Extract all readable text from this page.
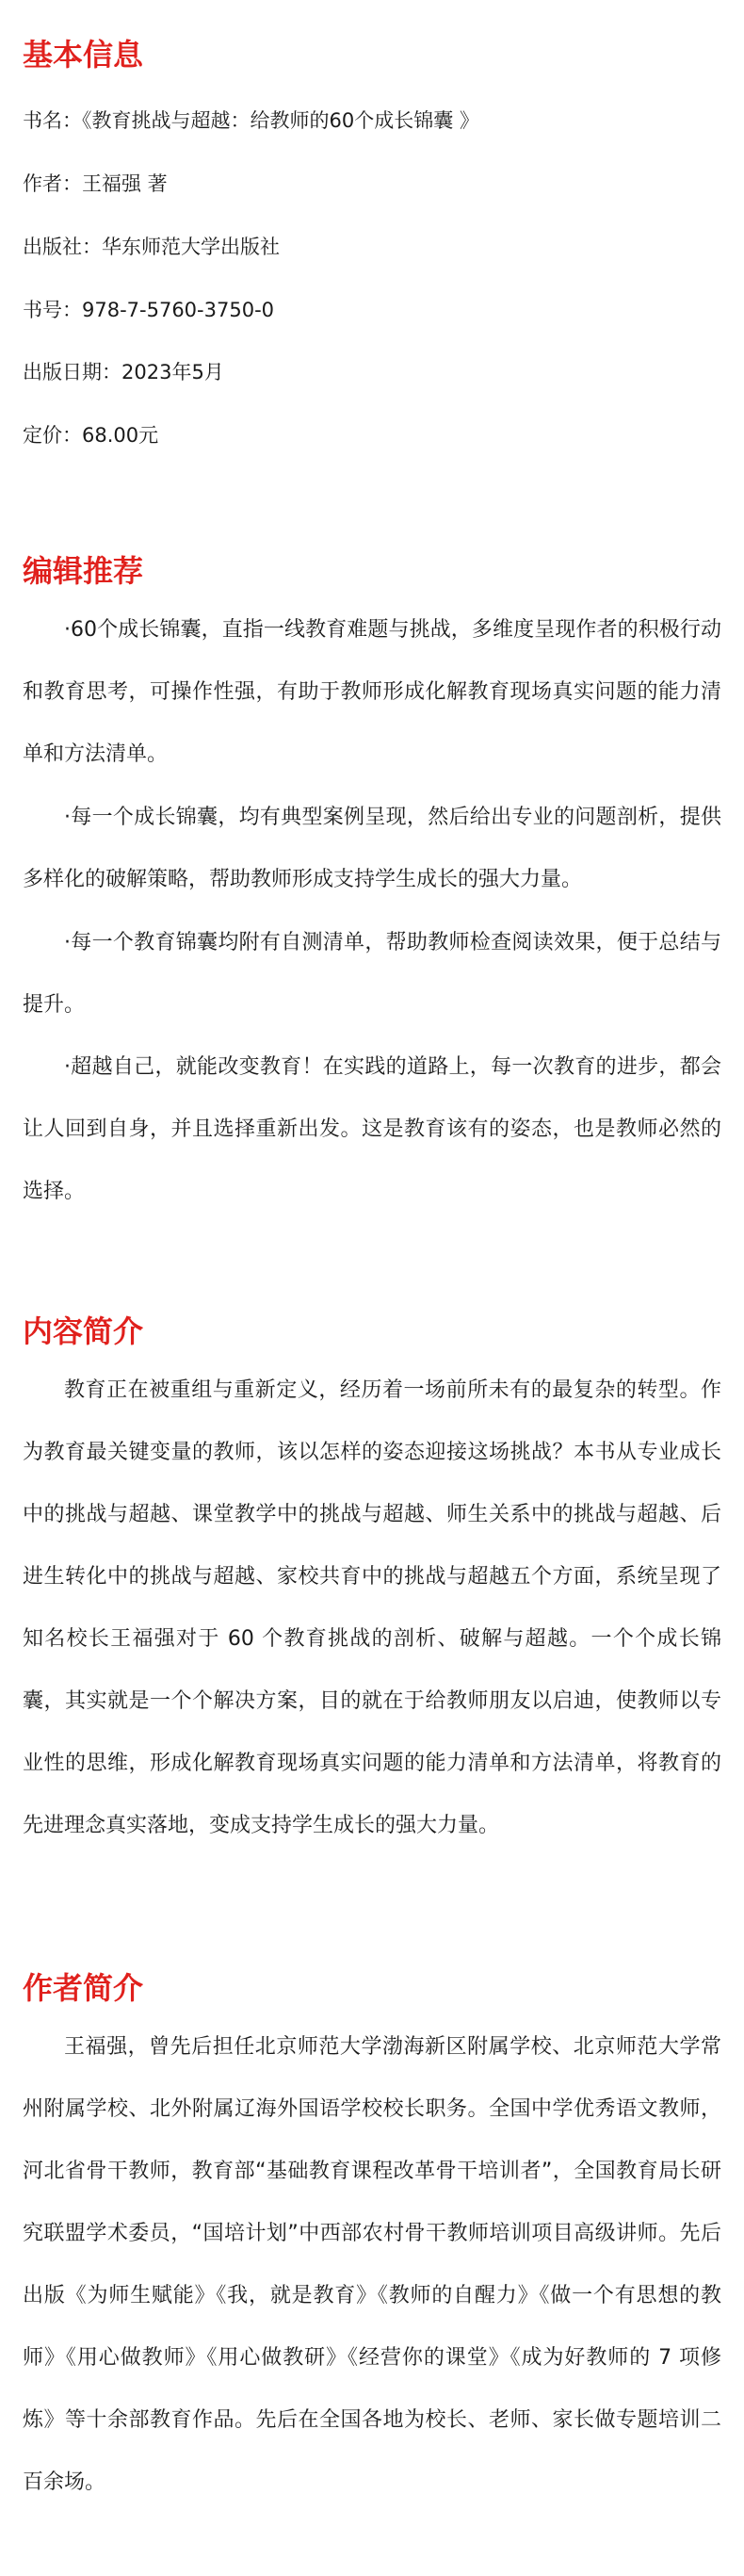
基本信息

书名：《教育挑战与超越：给教师的60个成长锦囊 》

作者：王福强 著

出版社：华东师范大学出版社

书号：978-7-5760-3750-0

出版日期：2023年5月

定价：68.00元

编辑推荐

·60个成长锦囊，直指一线教育难题与挑战，多维度呈现作者的积极行动和教育思考，可操作性强，有助于教师形成化解教育现场真实问题的能力清单和方法清单。

·每一个成长锦囊，均有典型案例呈现，然后给出专业的问题剖析，提供多样化的破解策略，帮助教师形成支持学生成长的强大力量。

·每一个教育锦囊均附有自测清单，帮助教师检查阅读效果，便于总结与提升。

·超越自己，就能改变教育！在实践的道路上，每一次教育的进步，都会让人回到自身，并且选择重新出发。这是教育该有的姿态，也是教师必然的选择。

内容简介

教育正在被重组与重新定义，经历着一场前所未有的最复杂的转型。作为教育最关键变量的教师，该以怎样的姿态迎接这场挑战？本书从专业成长中的挑战与超越、课堂教学中的挑战与超越、师生关系中的挑战与超越、后进生转化中的挑战与超越、家校共育中的挑战与超越五个方面，系统呈现了知名校长王福强对于 60 个教育挑战的剖析、破解与超越。一个个成长锦囊，其实就是一个个解决方案，目的就在于给教师朋友以启迪，使教师以专业性的思维，形成化解教育现场真实问题的能力清单和方法清单，将教育的先进理念真实落地，变成支持学生成长的强大力量。

作者简介

王福强，曾先后担任北京师范大学渤海新区附属学校、北京师范大学常州附属学校、北外附属辽海外国语学校校长职务。全国中学优秀语文教师，河北省骨干教师，教育部“基础教育课程改革骨干培训者”，全国教育局长研究联盟学术委员，“国培计划”中西部农村骨干教师培训项目高级讲师。先后出版《为师生赋能》《我，就是教育》《教师的自醒力》《做一个有思想的教师》《用心做教师》《用心做教研》《经营你的课堂》《成为好教师的 7 项修炼》等十余部教育作品。先后在全国各地为校长、老师、家长做专题培训二百余场。
